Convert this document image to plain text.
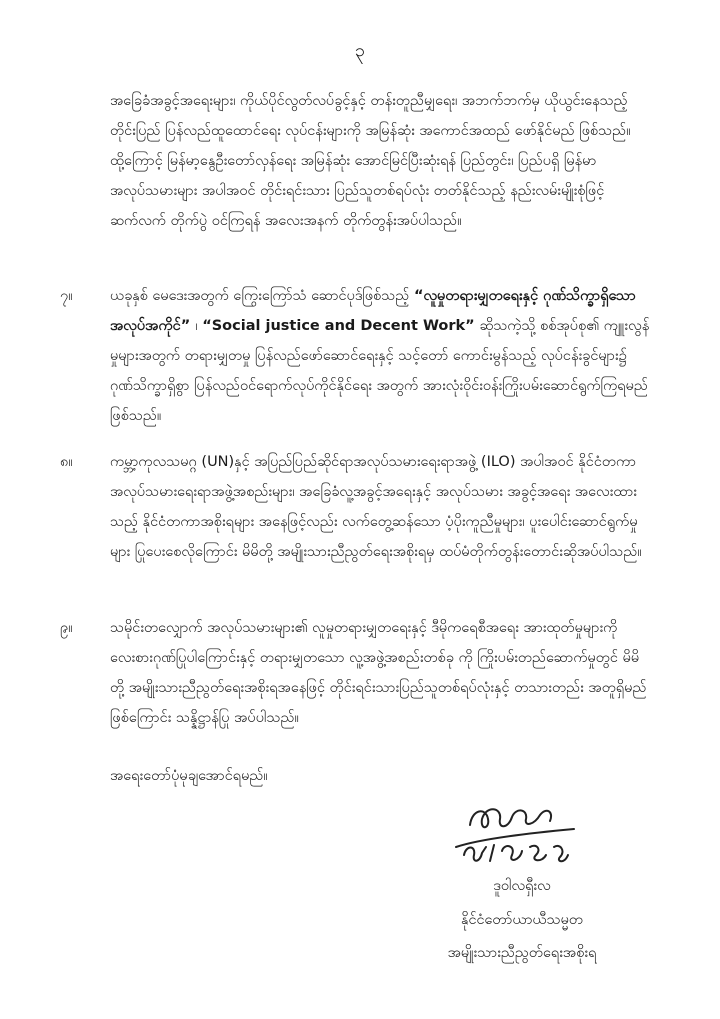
၃
အခြေခံအခွင့်အရေးများ၊ ကိုယ်ပိုင်လွတ်လပ်ခွင့်နှင့် တန်းတူညီမျှရေး၊ အဘက်ဘက်မှ ယိုယွင်းနေသည့် တိုင်းပြည် ပြန်လည်ထူထောင်ရေး လုပ်ငန်းများကို အမြန်ဆုံး အကောင်အထည် ဖော်နိုင်မည် ဖြစ်သည်။ ထို့ကြောင့် မြန်မာ့နွေဦးတော်လှန်ရေး အမြန်ဆုံး အောင်မြင်ပြီးဆုံးရန် ပြည်တွင်း၊ ပြည်ပရှိ မြန်မာအလုပ်သမားများ အပါအဝင် တိုင်းရင်းသား ပြည်သူတစ်ရပ်လုံး တတ်နိုင်သည့် နည်းလမ်းမျိုးစုံဖြင့် ဆက်လက် တိုက်ပွဲ ဝင်ကြရန် အလေးအနက် တိုက်တွန်းအပ်ပါသည်။
၇။	ယခုနှစ် မေဒေးအတွက် ကြွေးကြော်သံ ဆောင်ပုဒ်ဖြစ်သည့် “လူမှုတရားမျှတရေးနှင့် ဂုဏ်သိက္ခာရှိသော အလုပ်အကိုင်” ၊ “Social justice and Decent Work” ဆိုသကဲ့သို့ စစ်အုပ်စု၏ ကျူးလွန်မှုများအတွက် တရားမျှတမှု ပြန်လည်ဖော်ဆောင်ရေးနှင့် သင့်တော် ကောင်းမွန်သည့် လုပ်ငန်းခွင်များ၌ ဂုဏ်သိက္ခာရှိစွာ ပြန်လည်ဝင်ရောက်လုပ်ကိုင်နိုင်ရေး အတွက် အားလုံးဝိုင်းဝန်းကြိုးပမ်းဆောင်ရွက်ကြရမည် ဖြစ်သည်။
၈။	ကမ္ဘာ့ကုလသမဂ္ဂ (UN)နှင့် အပြည်ပြည်ဆိုင်ရာအလုပ်သမားရေးရာအဖွဲ့ (ILO) အပါအဝင် နိုင်ငံတကာအလုပ်သမားရေးရာအဖွဲ့အစည်းများ၊ အခြေခံလူ့အခွင့်အရေးနှင့် အလုပ်သမား အခွင့်အရေး အလေးထားသည့် နိုင်ငံတကာအစိုးရများ အနေဖြင့်လည်း လက်တွေ့ဆန်သော ပံ့ပိုးကူညီမှုများ၊ ပူးပေါင်းဆောင်ရွက်မှုများ ပြုပေးစေလိုကြောင်း မိမိတို့ အမျိုးသားညီညွတ်ရေးအစိုးရမှ ထပ်မံတိုက်တွန်းတောင်းဆိုအပ်ပါသည်။
၉။	သမိုင်းတလျှောက် အလုပ်သမားများ၏ လူမှုတရားမျှတရေးနှင့် ဒီမိုကရေစီအရေး အားထုတ်မှုများကို လေးစားဂုဏ်ပြုပါကြောင်းနှင့် တရားမျှတသော လူ့အဖွဲ့အစည်းတစ်ခု ကို ကြိုးပမ်းတည်ဆောက်မှုတွင် မိမိတို့ အမျိုးသားညီညွတ်ရေးအစိုးရအနေဖြင့် တိုင်းရင်းသားပြည်သူတစ်ရပ်လုံးနှင့် တသားတည်း အတူရှိမည်ဖြစ်ကြောင်း သန္နိဋ္ဌာန်ပြု အပ်ပါသည်။
အရေးတော်ပုံမုချအောင်ရမည်။
ဒူဝါလရှီးလ
နိုင်ငံတော်ယာယီသမ္မတ
အမျိုးသားညီညွတ်ရေးအစိုးရ
